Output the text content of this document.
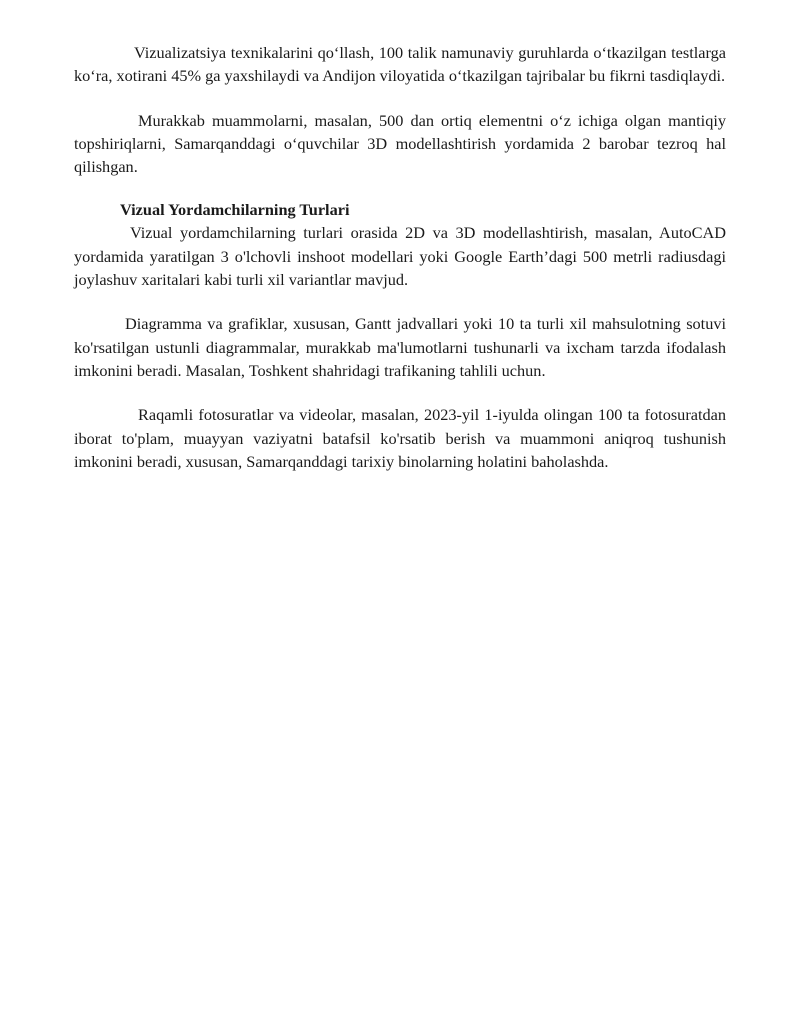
Vizualizatsiya texnikalarini qo‘llash, 100 talik namunaviy guruhlarda o‘tkazilgan testlarga ko‘ra, xotirani 45% ga yaxshilaydi va Andijon viloyatida o‘tkazilgan tajribalar bu fikrni tasdiqlaydi.

Murakkab muammolarni, masalan, 500 dan ortiq elementni o‘z ichiga olgan mantiqiy topshiriqlarni, Samarqanddagi o‘quvchilar 3D modellashtirish yordamida 2 barobar tezroq hal qilishgan.

Vizual Yordamchilarning Turlari

Vizual yordamchilarning turlari orasida 2D va 3D modellashtirish, masalan, AutoCAD yordamida yaratilgan 3 o'lchovli inshoot modellari yoki Google Earth’dagi 500 metrli radiusdagi joylashuv xaritalari kabi turli xil variantlar mavjud.

Diagramma va grafiklar, xususan, Gantt jadvallari yoki 10 ta turli xil mahsulotning sotuvi ko'rsatilgan ustunli diagrammalar, murakkab ma'lumotlarni tushunarli va ixcham tarzda ifodalash imkonini beradi. Masalan, Toshkent shahridagi trafikaning tahlili uchun.

Raqamli fotosuratlar va videolar, masalan, 2023-yil 1-iyulda olingan 100 ta fotosuratdan iborat to'plam, muayyan vaziyatni batafsil ko'rsatib berish va muammoni aniqroq tushunish imkonini beradi, xususan, Samarqanddagi tarixiy binolarning holatini baholashda.
